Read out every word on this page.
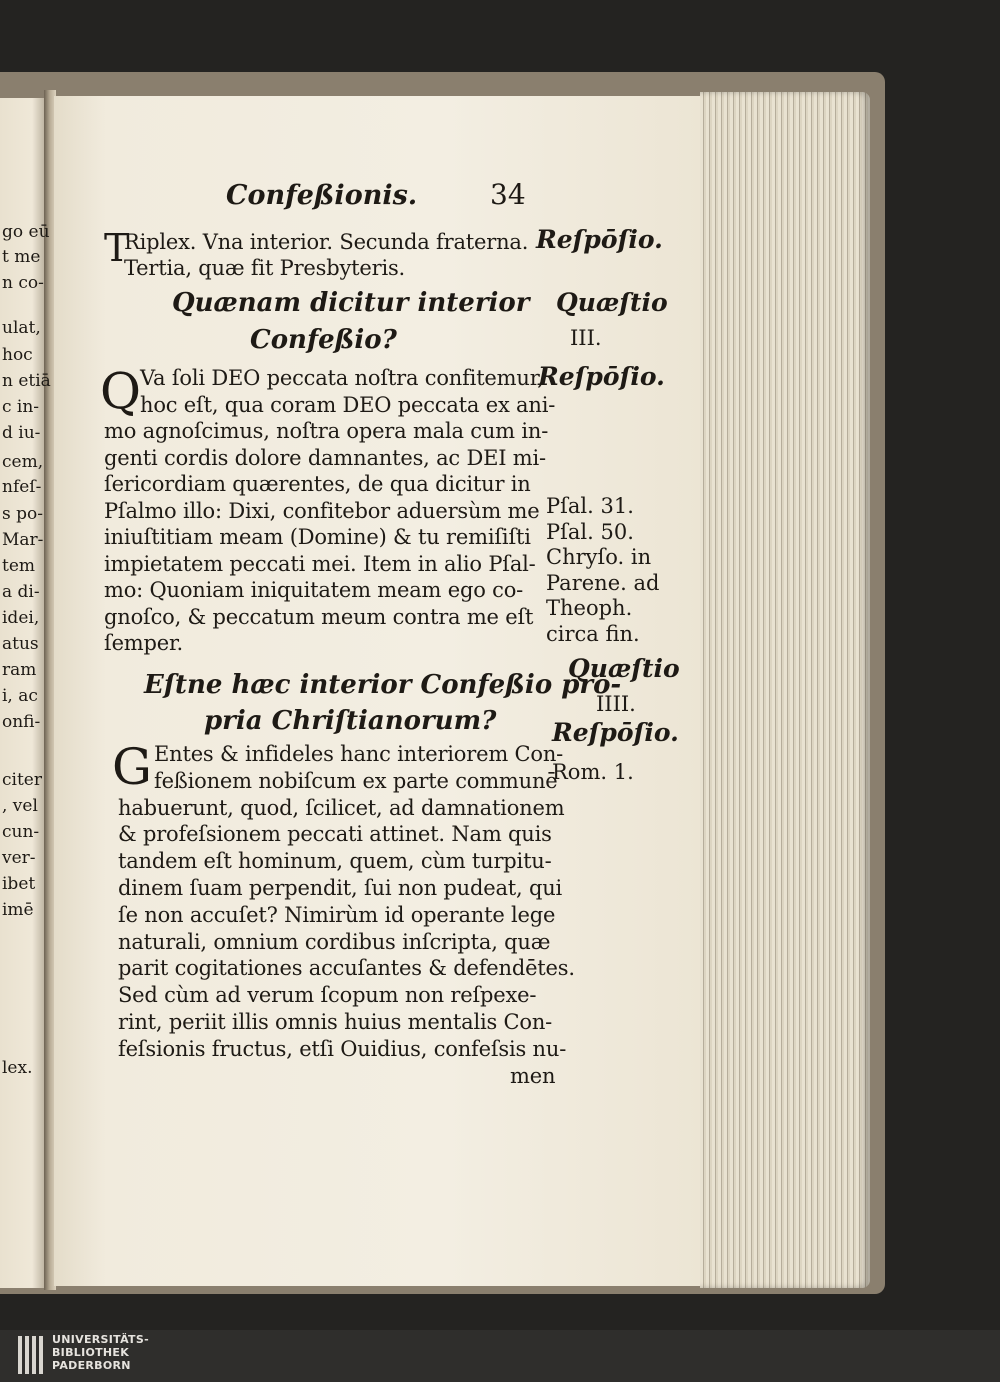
go eū
t me
n co-
ulat,
hoc
n etiā
c in-
d iu-
cem,
nfeſ-
s po-
Mar-
tem
a di-
idei,
atus
ram
i, ac
onfi-
citer
, vel
cun-
ver-
ibet
imē
lex.
Confeßionis.	34
T
Riplex. Vna interior. Secunda fraterna.
Tertia, quæ fit Presbyteris.
Reſpōſio.
Quænam dicitur interior
Confeßio?
Quæſtio
III.
Q	Reſpōſio.
Va ſoli DEO peccata noſtra confitemur,
hoc eſt, qua coram DEO peccata ex ani-
mo agnoſcimus, noſtra opera mala cum in-
genti cordis dolore damnantes, ac DEI mi-
ſericordiam quærentes, de qua dicitur in
Pſalmo illo: Dixi, confitebor aduersùm me
iniuſtitiam meam (Domine) & tu remiſiſti
impietatem peccati mei. Item in alio Pſal-
mo: Quoniam iniquitatem meam ego co-
gnoſco, & peccatum meum contra me eſt
ſemper.
Pſal. 31.
Pſal. 50.
Chryſo. in
Parene. ad
Theoph.
circa fin.
Eſtne hæc interior Confeßio pro-
pria Chriſtianorum?
Quæſtio
IIII.
G
Reſpōſio.
Rom. 1.
Entes & infideles hanc interiorem Con-
feßionem nobiſcum ex parte communē
habuerunt, quod, ſcilicet, ad damnationem
& profeſsionem peccati attinet. Nam quis
tandem eſt hominum, quem, cùm turpitu-
dinem ſuam perpendit, ſui non pudeat, qui
ſe non accuſet? Nimirùm id operante lege
naturali, omnium cordibus inſcripta, quæ
parit cogitationes accuſantes & defendētes.
Sed cùm ad verum ſcopum non reſpexe-
rint, periit illis omnis huius mentalis Con-
feſsionis fructus, etſi Ouidius, confeſsis nu-
men
UNIVERSITÄTS-
BIBLIOTHEK
PADERBORN
